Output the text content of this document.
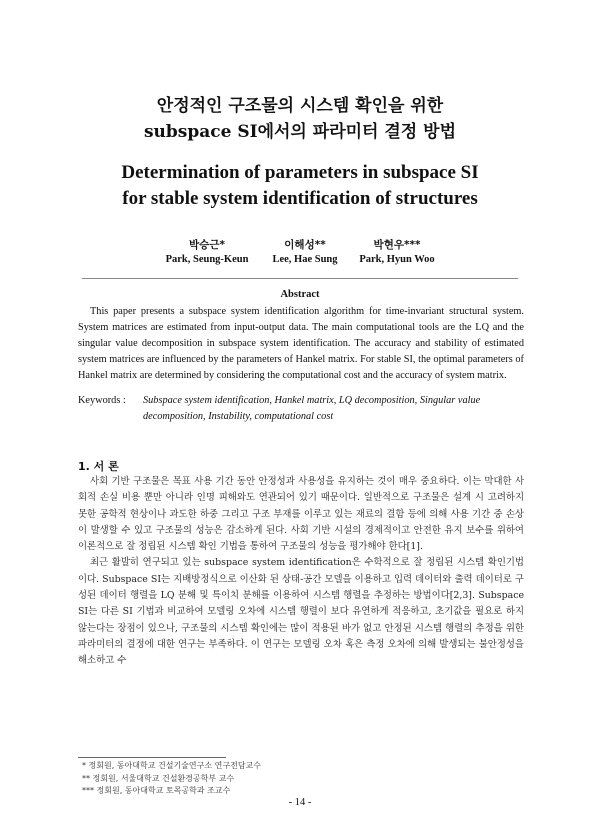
안정적인 구조물의 시스템 확인을 위한
subspace SI에서의 파라미터 결정 방법
Determination of parameters in subspace SI
for stable system identification of structures
박승근*
Park, Seung-Keun
이해성**
Lee, Hae Sung
박현우***
Park, Hyun Woo
Abstract

This paper presents a subspace system identification algorithm for time-invariant structural system. System matrices are estimated from input-output data. The main computational tools are the LQ and the singular value decomposition in subspace system identification. The accuracy and stability of estimated system matrices are influenced by the parameters of Hankel matrix. For stable SI, the optimal parameters of Hankel matrix are determined by considering the computational cost and the accuracy of system matrix.

Keywords : Subspace system identification, Hankel matrix, LQ decomposition, Singular value decomposition, Instability, computational cost
1. 서 론

사회 기반 구조물은 목표 사용 기간 동안 안정성과 사용성을 유지하는 것이 매우 중요하다. 이는 막대한 사회적 손실 비용 뿐만 아니라 인명 피해와도 연관되어 있기 때문이다. 일반적으로 구조물은 설계 시 고려하지 못한 공학적 현상이나 과도한 하중 그리고 구조 부재를 이루고 있는 재료의 결함 등에 의해 사용 기간 중 손상이 발생할 수 있고 구조물의 성능은 감소하게 된다. 사회 기반 시설의 경제적이고 안전한 유지 보수를 위하여 이론적으로 잘 정립된 시스템 확인 기법을 통하여 구조물의 성능을 평가해야 한다[1].

최근 활발히 연구되고 있는 subspace system identification은 수학적으로 잘 정립된 시스템 확인기법이다. Subspace SI는 지배방정식으로 이산화 된 상태-공간 모델을 이용하고 입력 데이터와 출력 데이터로 구성된 데이터 행렬을 LQ 분해 및 특이치 분해를 이용하여 시스템 행렬을 추정하는 방법이다[2,3]. Subspace SI는 다른 SI 기법과 비교하여 모델링 오차에 시스템 행렬이 보다 유연하게 적응하고, 초기값을 필요로 하지 않는다는 장점이 있으나, 구조물의 시스템 확인에는 많이 적용된 바가 없고 안정된 시스템 행렬의 추정을 위한 파라미터의 결정에 대한 연구는 부족하다. 이 연구는 모델링 오차 혹은 측정 오차에 의해 발생되는 불안정성을 해소하고 수

* 정회원, 동아대학교 건설기술연구소 연구전담교수
** 정회원, 서울대학교 건설환경공학부 교수
*** 정회원, 동아대학교 토목공학과 조교수
- 14 -
